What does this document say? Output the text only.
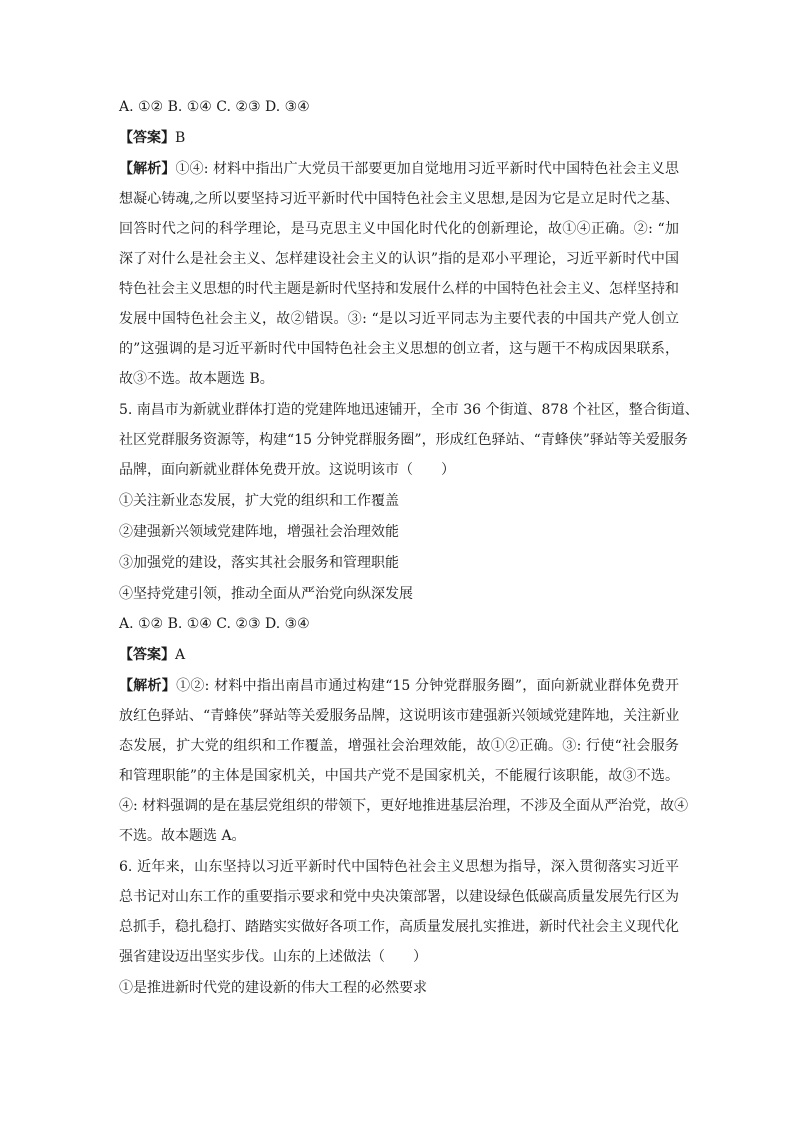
A. ①② B. ①④ C. ②③ D. ③④
【答案】B
【解析】①④: 材料中指出广大党员干部要更加自觉地用习近平新时代中国特色社会主义思
想凝心铸魂,之所以要坚持习近平新时代中国特色社会主义思想,是因为它是立足时代之基、
回答时代之问的科学理论，是马克思主义中国化时代化的创新理论，故①④正确。②: “加
深了对什么是社会主义、怎样建设社会主义的认识”指的是邓小平理论，习近平新时代中国
特色社会主义思想的时代主题是新时代坚持和发展什么样的中国特色社会主义、怎样坚持和
发展中国特色社会主义，故②错误。③: “是以习近平同志为主要代表的中国共产党人创立
的”这强调的是习近平新时代中国特色社会主义思想的创立者，这与题干不构成因果联系，
故③不选。故本题选 B。
5. 南昌市为新就业群体打造的党建阵地迅速铺开，全市 36 个街道、878 个社区，整合街道、
社区党群服务资源等，构建“15 分钟党群服务圈”，形成红色驿站、“青蜂侠”驿站等关爱服务
品牌，面向新就业群体免费开放。这说明该市（　　）
①关注新业态发展，扩大党的组织和工作覆盖
②建强新兴领域党建阵地，增强社会治理效能
③加强党的建设，落实其社会服务和管理职能
④坚持党建引领，推动全面从严治党向纵深发展
A. ①② B. ①④ C. ②③ D. ③④
【答案】A
【解析】①②: 材料中指出南昌市通过构建“15 分钟党群服务圈”，面向新就业群体免费开
放红色驿站、“青蜂侠”驿站等关爱服务品牌，这说明该市建强新兴领域党建阵地，关注新业
态发展，扩大党的组织和工作覆盖，增强社会治理效能，故①②正确。③: 行使“社会服务
和管理职能”的主体是国家机关，中国共产党不是国家机关，不能履行该职能，故③不选。
④: 材料强调的是在基层党组织的带领下，更好地推进基层治理，不涉及全面从严治党，故④
不选。故本题选 A。
6. 近年来，山东坚持以习近平新时代中国特色社会主义思想为指导，深入贯彻落实习近平
总书记对山东工作的重要指示要求和党中央决策部署，以建设绿色低碳高质量发展先行区为
总抓手，稳扎稳打、踏踏实实做好各项工作，高质量发展扎实推进，新时代社会主义现代化
强省建设迈出坚实步伐。山东的上述做法（　　）
①是推进新时代党的建设新的伟大工程的必然要求
